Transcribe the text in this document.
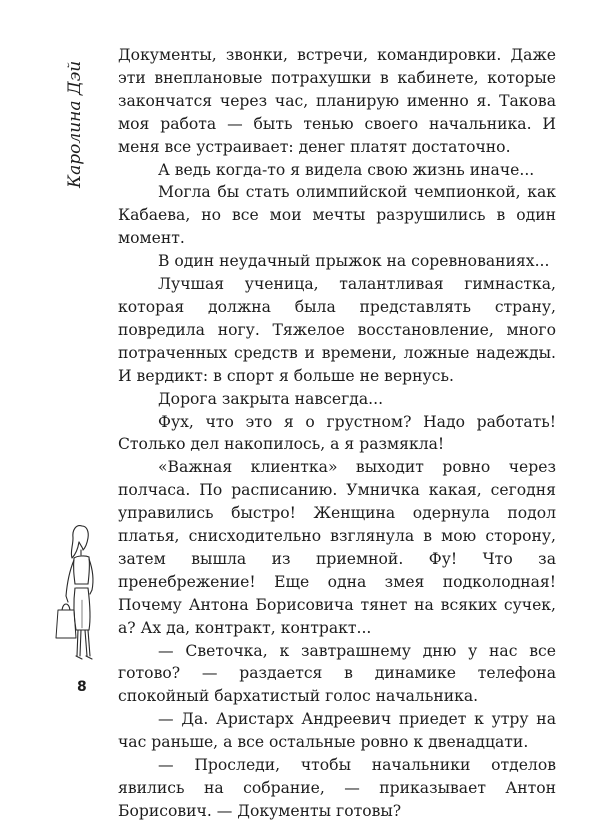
Каролина Дэй

Документы, звонки, встречи, командировки. Даже эти внеплановые потрахушки в кабинете, которые закончатся через час, планирую именно я. Такова моя работа — быть тенью своего начальника. И меня все устраивает: денег платят достаточно.

А ведь когда-то я видела свою жизнь иначе...

Могла бы стать олимпийской чемпионкой, как Кабаева, но все мои мечты разрушились в один момент.

В один неудачный прыжок на соревнованиях...

Лучшая ученица, талантливая гимнастка, которая должна была представлять страну, повредила ногу. Тяжелое восстановление, много потраченных средств и времени, ложные надежды. И вердикт: в спорт я больше не вернусь.

Дорога закрыта навсегда...

Фух, что это я о грустном? Надо работать! Столько дел накопилось, а я размякла!

«Важная клиентка» выходит ровно через полчаса. По расписанию. Умничка какая, сегодня управились быстро! Женщина одернула подол платья, снисходительно взглянула в мою сторону, затем вышла из приемной. Фу! Что за пренебрежение! Еще одна змея подколодная! Почему Антона Борисовича тянет на всяких сучек, а? Ах да, контракт, контракт...

— Светочка, к завтрашнему дню у нас все готово? — раздается в динамике телефона спокойный бархатистый голос начальника.

— Да. Аристарх Андреевич приедет к утру на час раньше, а все остальные ровно к двенадцати.

— Проследи, чтобы начальники отделов явились на собрание, — приказывает Антон Борисович. — Документы готовы?

8
